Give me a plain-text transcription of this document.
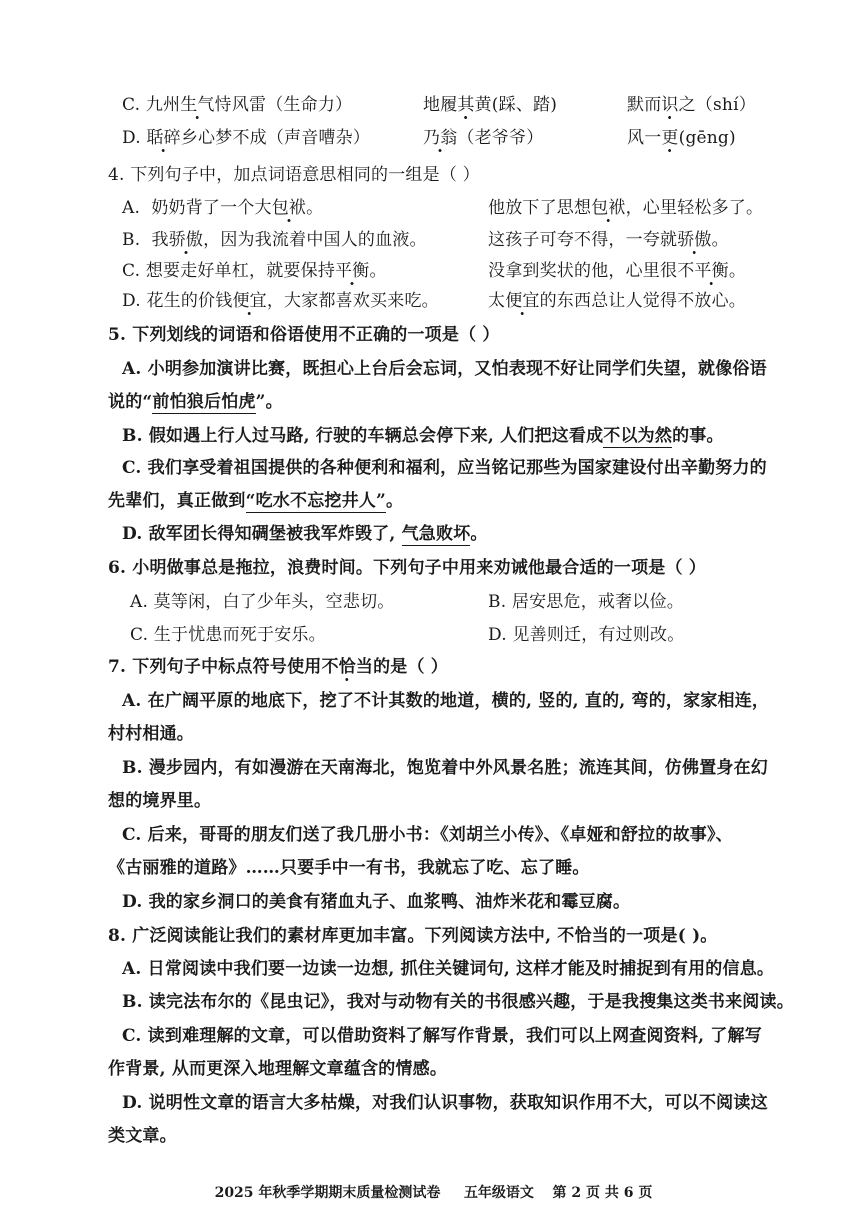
C. 九州生气恃风雷（生命力）	地履其黄(踩、踏)	默而识之（shí）
D. 聒碎乡心梦不成（声音嘈杂）	乃翁（老爷爷）	风一更(gēng)
4. 下列句子中，加点词语意思相同的一组是（ ）
A. 奶奶背了一个大包袱。	他放下了思想包袱，心里轻松多了。
B. 我骄傲，因为我流着中国人的血液。	这孩子可夸不得，一夸就骄傲。
C. 想要走好单杠，就要保持平衡。	没拿到奖状的他，心里很不平衡。
D. 花生的价钱便宜，大家都喜欢买来吃。	太便宜的东西总让人觉得不放心。
5. 下列划线的词语和俗语使用不正确的一项是（ ）
A. 小明参加演讲比赛，既担心上台后会忘词，又怕表现不好让同学们失望，就像俗语
说的“前怕狼后怕虎”。
B. 假如遇上行人过马路, 行驶的车辆总会停下来, 人们把这看成不以为然的事。
C. 我们享受着祖国提供的各种便利和福利，应当铭记那些为国家建设付出辛勤努力的
先辈们，真正做到“吃水不忘挖井人”。
D. 敌军团长得知碉堡被我军炸毁了, 气急败坏。
6. 小明做事总是拖拉，浪费时间。下列句子中用来劝诫他最合适的一项是（ ）
A. 莫等闲，白了少年头，空悲切。	B. 居安思危，戒奢以俭。
C. 生于忧患而死于安乐。	D. 见善则迁，有过则改。
7. 下列句子中标点符号使用不恰当的是（ ）
A. 在广阔平原的地底下，挖了不计其数的地道，横的, 竖的, 直的, 弯的，家家相连，
村村相通。
B. 漫步园内，有如漫游在天南海北，饱览着中外风景名胜；流连其间，仿佛置身在幻
想的境界里。
C. 后来，哥哥的朋友们送了我几册小书：《刘胡兰小传》、《卓娅和舒拉的故事》、
《古丽雅的道路》……只要手中一有书，我就忘了吃、忘了睡。
D. 我的家乡洞口的美食有猪血丸子、血浆鸭、油炸米花和霉豆腐。
8. 广泛阅读能让我们的素材库更加丰富。下列阅读方法中, 不恰当的一项是( )。
A. 日常阅读中我们要一边读一边想, 抓住关键词句, 这样才能及时捕捉到有用的信息。
B. 读完法布尔的《昆虫记》，我对与动物有关的书很感兴趣，于是我搜集这类书来阅读。
C. 读到难理解的文章，可以借助资料了解写作背景，我们可以上网查阅资料, 了解写
作背景, 从而更深入地理解文章蕴含的情感。
D. 说明性文章的语言大多枯燥，对我们认识事物，获取知识作用不大，可以不阅读这
类文章。
2025 年秋季学期期末质量检测试卷 五年级语文 第 2 页 共 6 页
